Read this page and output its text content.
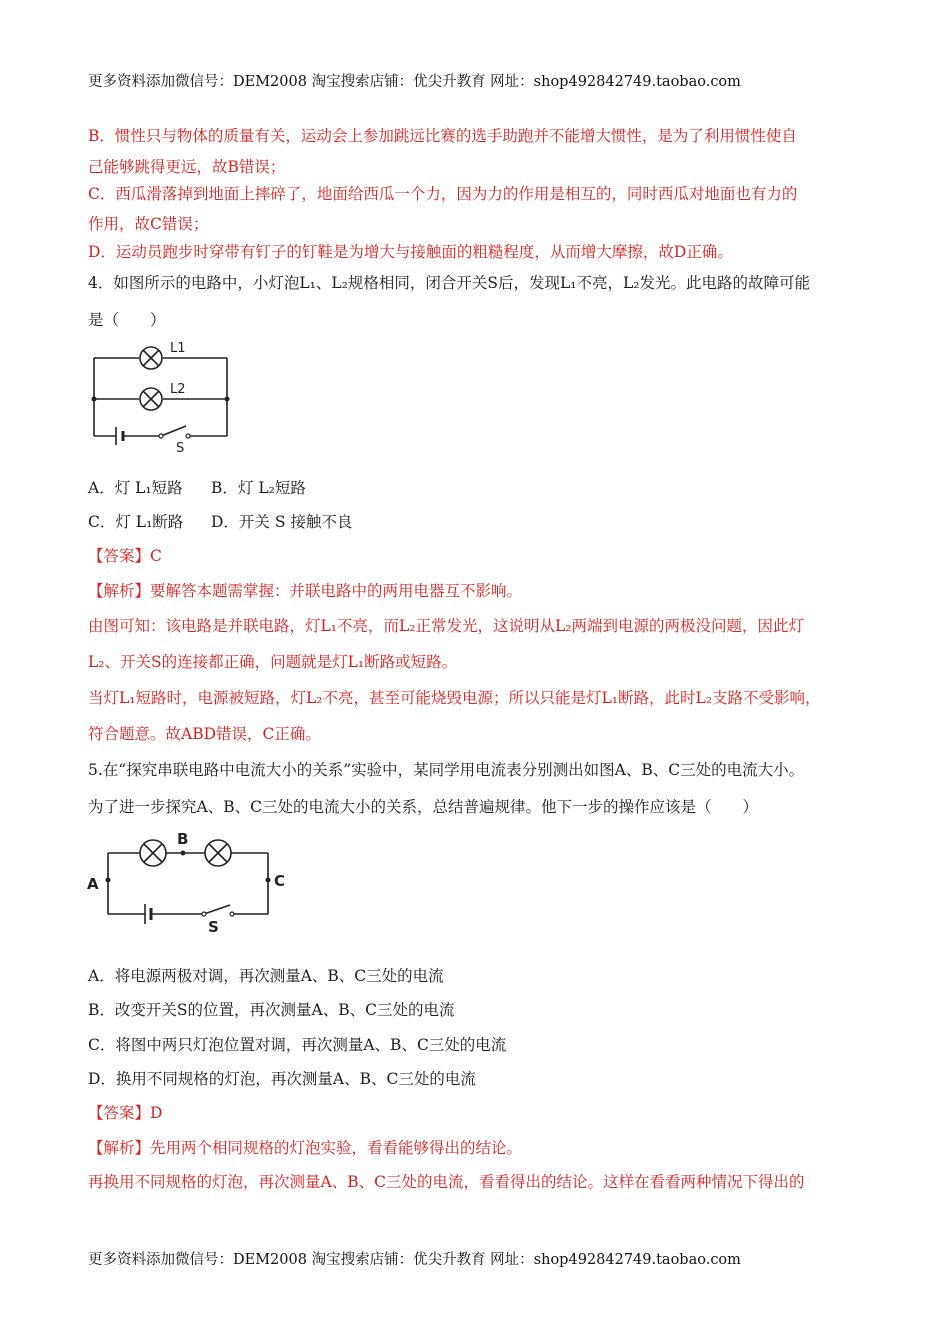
更多资料添加微信号：DEM2008 淘宝搜索店铺：优尖升教育 网址：shop492842749.taobao.com
B．惯性只与物体的质量有关，运动会上参加跳远比赛的选手助跑并不能增大惯性，是为了利用惯性使自
己能够跳得更远，故B错误；
C．西瓜滑落掉到地面上摔碎了，地面给西瓜一个力，因为力的作用是相互的，同时西瓜对地面也有力的
作用，故C错误；
D．运动员跑步时穿带有钉子的钉鞋是为增大与接触面的粗糙程度，从而增大摩擦，故D正确。
4．如图所示的电路中，小灯泡L₁、L₂规格相同，闭合开关S后，发现L₁不亮，L₂发光。此电路的故障可能
是（　　）
L1
L2
S
A．灯 L₁短路 B．灯 L₂短路
C．灯 L₁断路 D．开关 S 接触不良
【答案】C
【解析】要解答本题需掌握：并联电路中的两用电器互不影响。
由图可知：该电路是并联电路，灯L₁不亮，而L₂正常发光，这说明从L₂两端到电源的两极没问题，因此灯
L₂、开关S的连接都正确，问题就是灯L₁断路或短路。
当灯L₁短路时，电源被短路，灯L₂不亮，甚至可能烧毁电源；所以只能是灯L₁断路，此时L₂支路不受影响，
符合题意。故ABD错误，C正确。
5.在“探究串联电路中电流大小的关系”实验中，某同学用电流表分别测出如图A、B、C三处的电流大小。
为了进一步探究A、B、C三处的电流大小的关系，总结普遍规律。他下一步的操作应该是（　　）
A
B
C
S
A．将电源两极对调，再次测量A、B、C三处的电流
B．改变开关S的位置，再次测量A、B、C三处的电流
C．将图中两只灯泡位置对调，再次测量A、B、C三处的电流
D．换用不同规格的灯泡，再次测量A、B、C三处的电流
【答案】D
【解析】先用两个相同规格的灯泡实验，看看能够得出的结论。
再换用不同规格的灯泡，再次测量A、B、C三处的电流，看看得出的结论。这样在看看两种情况下得出的
更多资料添加微信号：DEM2008 淘宝搜索店铺：优尖升教育 网址：shop492842749.taobao.com
